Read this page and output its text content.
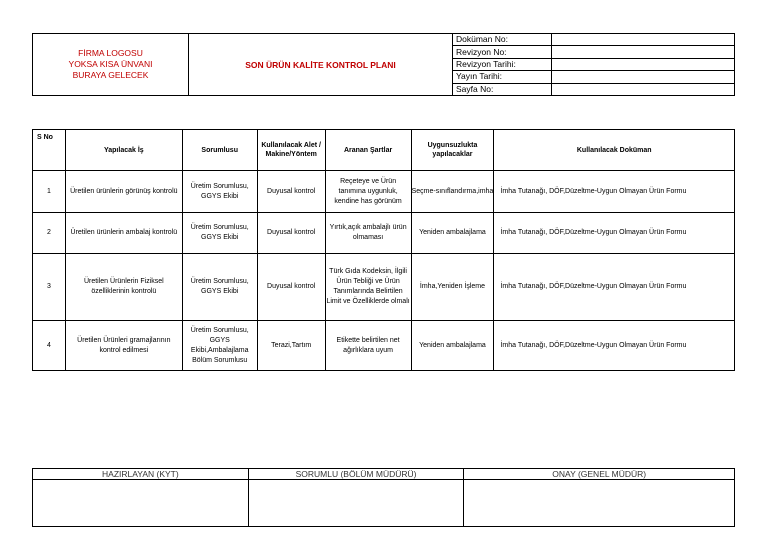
FİRMA LOGOSU
YOKSA KISA ÜNVANI
BURAYA GELECEK	SON ÜRÜN KALİTE KONTROL PLANI	Doküman No:	
		Revizyon No:	
		Revizyon Tarihi:	
		Yayın Tarihi:	
		Sayfa No:	
S No	Yapılacak İş	Sorumlusu	Kullanılacak Alet / Makine/Yöntem	Aranan Şartlar	Uygunsuzlukta yapılacaklar	Kullanılacak Doküman
1	Üretilen ürünlerin görünüş kontrolü	Üretim Sorumlusu, GGYS Ekibi	Duyusal kontrol	Reçeteye ve Ürün tanımına uygunluk, kendine has görünüm	Seçme-sınıflandırma,imha	İmha Tutanağı, DÖF,Düzeltme-Uygun Olmayan Ürün Formu
2	Üretilen ürünlerin ambalaj kontrolü	Üretim Sorumlusu, GGYS Ekibi	Duyusal kontrol	Yırtık,açık ambalajlı ürün olmaması	Yeniden ambalajlama	İmha Tutanağı, DÖF,Düzeltme-Uygun Olmayan Ürün Formu
3	Üretilen Ürünlerin Fiziksel özelliklerinin kontrolü	Üretim Sorumlusu, GGYS Ekibi	Duyusal kontrol	Türk Gıda Kodeksin, İlgili Ürün Tebliği ve Ürün Tanımlarında Belirtilen Limit ve Özelliklerde olmalı	İmha,Yeniden İşleme	İmha Tutanağı, DÖF,Düzeltme-Uygun Olmayan Ürün Formu
4	Üretilen Ürünleri gramajlarının kontrol edilmesi	Üretim Sorumlusu, GGYS Ekibi,Ambalajlama Bölüm Sorumlusu	Terazi,Tartım	Etikette belirtilen net ağırlıklara uyum	Yeniden ambalajlama	İmha Tutanağı, DÖF,Düzeltme-Uygun Olmayan Ürün Formu
HAZIRLAYAN (KYT)	SORUMLU (BÖLÜM MÜDÜRÜ)	ONAY (GENEL MÜDÜR)
